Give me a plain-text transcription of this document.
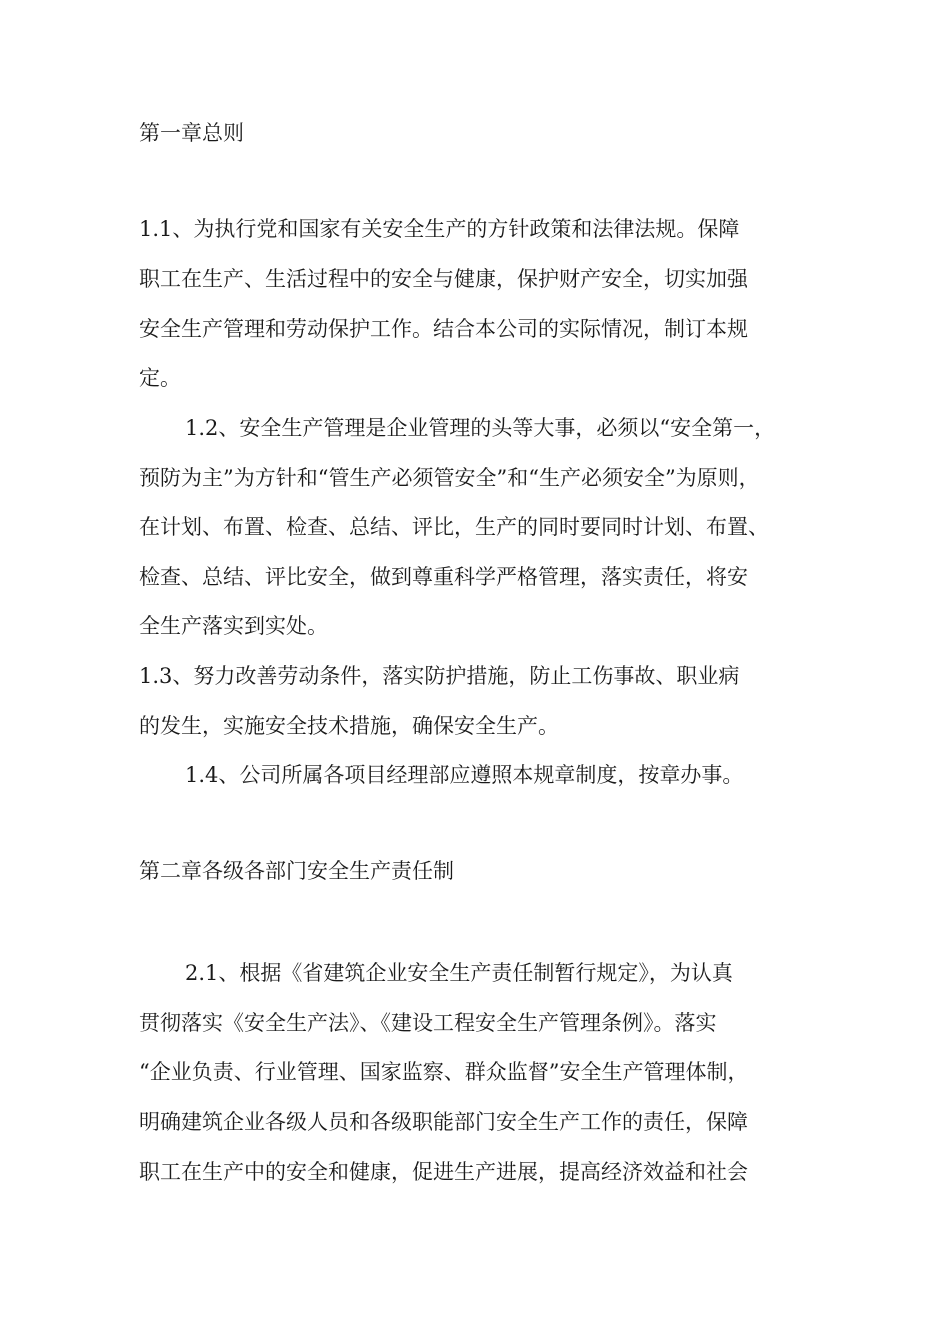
第一章总则
1.1、为执行党和国家有关安全生产的方针政策和法律法规。保障
职工在生产、生活过程中的安全与健康，保护财产安全，切实加强
安全生产管理和劳动保护工作。结合本公司的实际情况，制订本规
定。
1.2、安全生产管理是企业管理的头等大事，必须以“安全第一，
预防为主”为方针和“管生产必须管安全”和“生产必须安全”为原则，
在计划、布置、检查、总结、评比，生产的同时要同时计划、布置、
检查、总结、评比安全，做到尊重科学严格管理，落实责任，将安
全生产落实到实处。
1.3、努力改善劳动条件，落实防护措施，防止工伤事故、职业病
的发生，实施安全技术措施，确保安全生产。
1.4、公司所属各项目经理部应遵照本规章制度，按章办事。
第二章各级各部门安全生产责任制
2.1、根据《省建筑企业安全生产责任制暂行规定》，为认真
贯彻落实《安全生产法》、《建设工程安全生产管理条例》。落实
“企业负责、行业管理、国家监察、群众监督”安全生产管理体制，
明确建筑企业各级人员和各级职能部门安全生产工作的责任，保障
职工在生产中的安全和健康，促进生产进展，提高经济效益和社会
